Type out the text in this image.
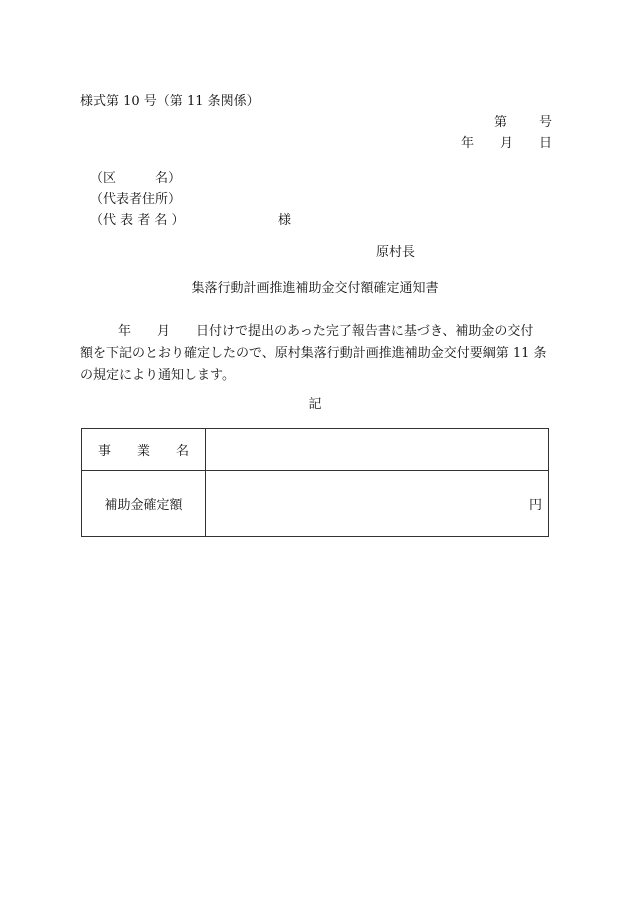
様式第 10 号（第 11 条関係）
第 号
年 月 日
（区　　　名）
（代表者住所）
（代 表 者 名 ）	様
原村長
集落行動計画推進補助金交付額確定通知書
年 月 日付けで提出のあった完了報告書に基づき、補助金の交付
額を下記のとおり確定したので、原村集落行動計画推進補助金交付要綱第 11 条
の規定により通知します。
記
事　　業　　名	
補助金確定額	円
